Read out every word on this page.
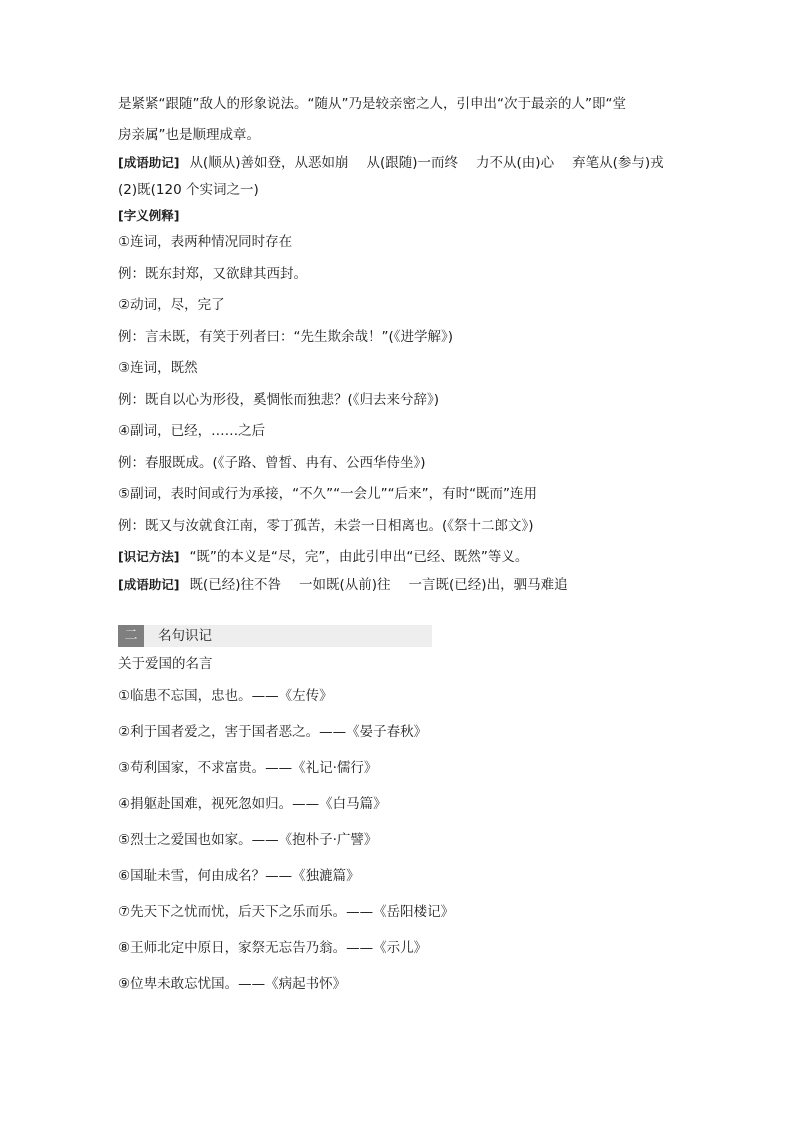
是紧紧“跟随”敌人的形象说法。“随从”乃是较亲密之人，引申出“次于最亲的人”即“堂
房亲属”也是顺理成章。
[成语助记] 从(顺从)善如登，从恶如崩 从(跟随)一而终 力不从(由)心 弃笔从(参与)戎
(2)既(120 个实词之一)
[字义例释]
①连词，表两种情况同时存在
例：既东封郑，又欲肆其西封。
②动词，尽，完了
例：言未既，有笑于列者曰：“先生欺余哉！”(《进学解》)
③连词，既然
例：既自以心为形役，奚惆怅而独悲？(《归去来兮辞》)
④副词，已经，……之后
例：春服既成。(《子路、曾皙、冉有、公西华侍坐》)
⑤副词，表时间或行为承接，“不久”“一会儿”“后来”，有时“既而”连用
例：既又与汝就食江南，零丁孤苦，未尝一日相离也。(《祭十二郎文》)
[识记方法] “既”的本义是“尽，完”，由此引申出“已经、既然”等义。
[成语助记] 既(已经)往不咎 一如既(从前)往 一言既(已经)出，驷马难追
二	名句识记
关于爱国的名言
①临患不忘国，忠也。——《左传》
②利于国者爱之，害于国者恶之。——《晏子春秋》
③苟利国家，不求富贵。——《礼记·儒行》
④捐躯赴国难，视死忽如归。——《白马篇》
⑤烈士之爱国也如家。——《抱朴子·广譬》
⑥国耻未雪，何由成名？——《独漉篇》
⑦先天下之忧而忧，后天下之乐而乐。——《岳阳楼记》
⑧王师北定中原日，家祭无忘告乃翁。——《示儿》
⑨位卑未敢忘忧国。——《病起书怀》
